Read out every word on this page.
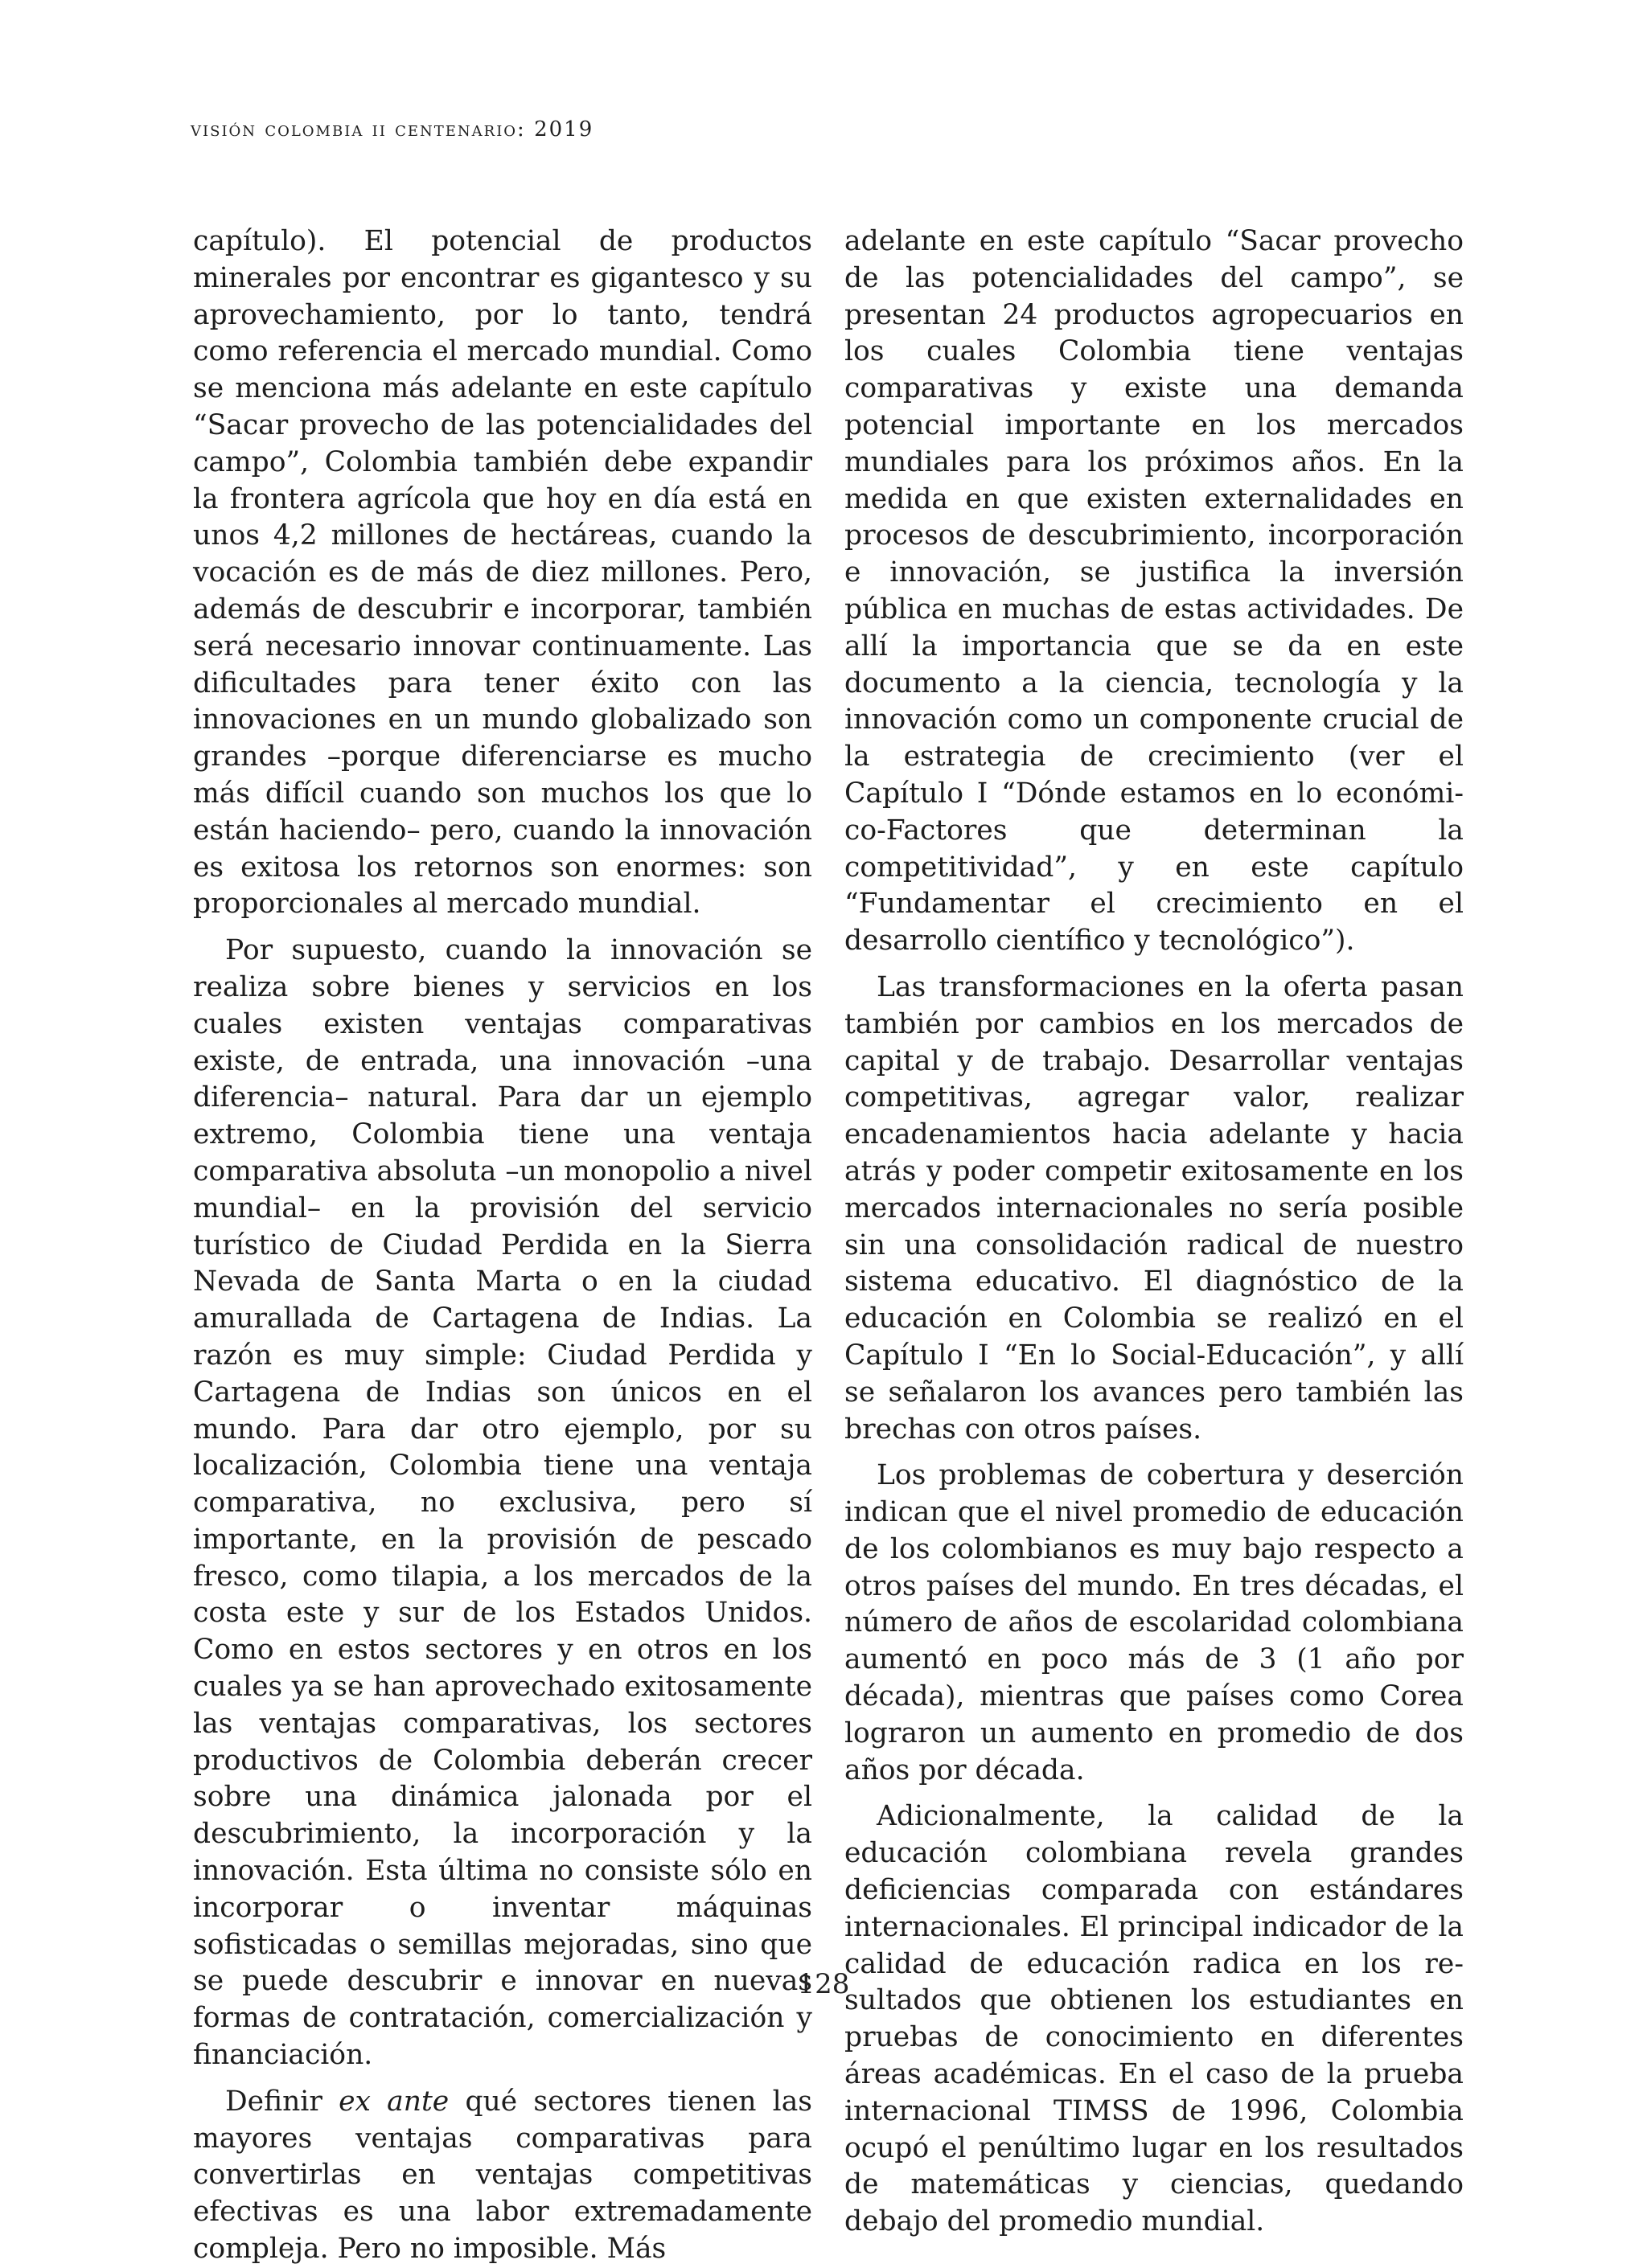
visión colombia ii centenario: 2019

capítulo). El potencial de productos minerales por encontrar es gigantesco y su aprovechamiento, por lo tanto, tendrá como referencia el mercado mundial. Como se menciona más adelante en este capítulo “Sacar provecho de las potencialidades del campo”, Colombia también debe expandir la frontera agrícola que hoy en día está en unos 4,2 millones de hectáreas, cuando la vocación es de más de diez millones. Pero, además de descubrir e incorporar, también será necesario innovar continuamente. Las dificultades para tener éxito con las innovaciones en un mundo globalizado son grandes –porque diferenciarse es mucho más difícil cuando son muchos los que lo están haciendo– pero, cuando la innovación es exitosa los retornos son enormes: son proporcionales al mercado mundial.

Por supuesto, cuando la innovación se realiza sobre bienes y servicios en los cuales existen ventajas comparativas existe, de entrada, una innovación –una diferencia– natural. Para dar un ejemplo extremo, Colombia tiene una ventaja comparativa absoluta –un monopolio a nivel mundial– en la provisión del servicio turístico de Ciudad Perdida en la Sierra Nevada de Santa Marta o en la ciudad amurallada de Cartagena de Indias. La razón es muy simple: Ciudad Perdida y Cartagena de Indias son únicos en el mundo. Para dar otro ejemplo, por su localización, Colombia tiene una ventaja comparativa, no exclusiva, pero sí importante, en la provisión de pescado fresco, como tilapia, a los mercados de la costa este y sur de los Estados Unidos. Como en estos sectores y en otros en los cuales ya se han aprovechado exitosamente las ventajas comparativas, los sectores productivos de Colombia deberán crecer sobre una dinámica jalonada por el descubrimiento, la incorporación y la innovación. Esta última no consiste sólo en incorporar o inventar máquinas sofisticadas o semillas mejoradas, sino que se puede descubrir e innovar en nuevas formas de contratación, comercialización y financiación.

Definir ex ante qué sectores tienen las mayores ventajas comparativas para convertirlas en ventajas competitivas efectivas es una labor extremadamente compleja. Pero no imposible. Más

adelante en este capítulo “Sacar provecho de las potencialidades del campo”, se presentan 24 productos agropecuarios en los cuales Colombia tiene ventajas comparativas y existe una demanda potencial importante en los mercados mundiales para los próximos años. En la medida en que existen externalidades en procesos de descubrimiento, incorporación e innovación, se justifica la inversión pública en muchas de estas actividades. De allí la importancia que se da en este documento a la ciencia, tecnología y la innovación como un componente crucial de la estrategia de crecimiento (ver el Capítulo I “Dónde estamos en lo económico-Factores que determinan la competitividad”, y en este capítulo “Fundamentar el crecimiento en el desarrollo científico y tecnológico”).

Las transformaciones en la oferta pasan también por cambios en los mercados de capital y de trabajo. Desarrollar ventajas competitivas, agregar valor, realizar encadenamientos hacia adelante y hacia atrás y poder competir exitosamente en los mercados internacionales no sería posible sin una consolidación radical de nuestro sistema educativo. El diagnóstico de la educación en Colombia se realizó en el Capítulo I “En lo Social-Educación”, y allí se señalaron los avances pero también las brechas con otros países.

Los problemas de cobertura y deserción indican que el nivel promedio de educación de los colombianos es muy bajo respecto a otros países del mundo. En tres décadas, el número de años de escolaridad colombiana aumentó en poco más de 3 (1 año por década), mientras que países como Corea lograron un aumento en promedio de dos años por década.

Adicionalmente, la calidad de la educación colombiana revela grandes deficiencias comparada con estándares internacionales. El principal indicador de la calidad de educación radica en los resultados que obtienen los estudiantes en pruebas de conocimiento en diferentes áreas académicas. En el caso de la prueba internacional TIMSS de 1996, Colombia ocupó el penúltimo lugar en los resultados de matemáticas y ciencias, quedando debajo del promedio mundial.

128
